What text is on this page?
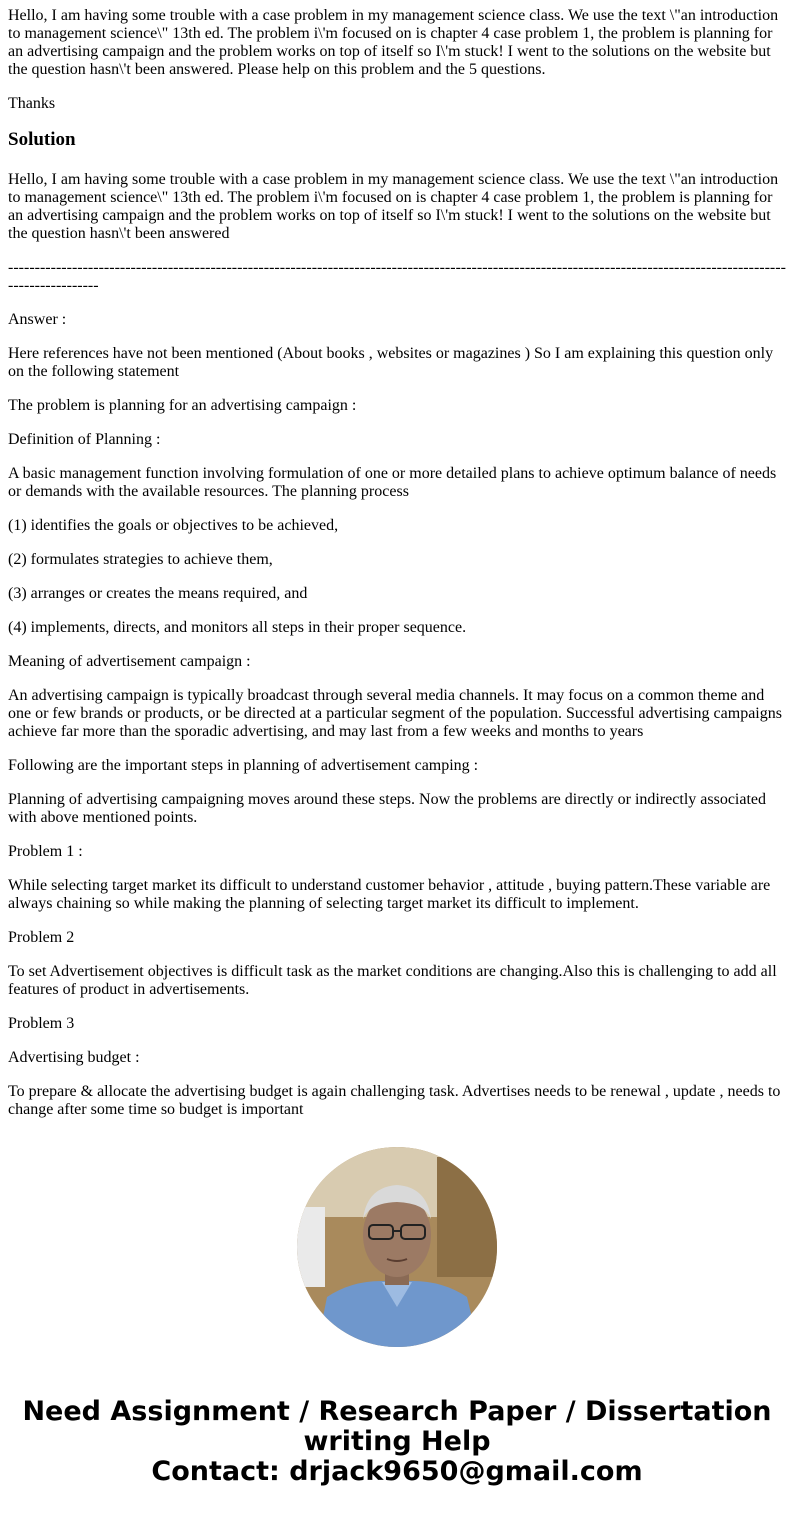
Hello, I am having some trouble with a case problem in my management science class. We use the text \"an introduction to management science\" 13th ed. The problem i\'m focused on is chapter 4 case problem 1, the problem is planning for an advertising campaign and the problem works on top of itself so I\'m stuck! I went to the solutions on the website but the question hasn\'t been answered. Please help on this problem and the 5 questions.

Thanks

Solution

Hello, I am having some trouble with a case problem in my management science class. We use the text \"an introduction to management science\" 13th ed. The problem i\'m focused on is chapter 4 case problem 1, the problem is planning for an advertising campaign and the problem works on top of itself so I\'m stuck! I went to the solutions on the website but the question hasn\'t been answered

-------------------------------------------------------------------------------------------------------------------------------------------------------------------

Answer :

Here references have not been mentioned (About books , websites or magazines ) So I am explaining this question only on the following statement

The problem is planning for an advertising campaign :

Definition of Planning :

A basic management function involving formulation of one or more detailed plans to achieve optimum balance of needs or demands with the available resources. The planning process

(1) identifies the goals or objectives to be achieved,

(2) formulates strategies to achieve them,

(3) arranges or creates the means required, and

(4) implements, directs, and monitors all steps in their proper sequence.

Meaning of advertisement campaign :

An advertising campaign is typically broadcast through several media channels. It may focus on a common theme and one or few brands or products, or be directed at a particular segment of the population. Successful advertising campaigns achieve far more than the sporadic advertising, and may last from a few weeks and months to years

Following are the important steps in planning of advertisement camping :

Planning of advertising campaigning moves around these steps. Now the problems are directly or indirectly associated with above mentioned points.

Problem 1 :

While selecting target market its difficult to understand customer behavior , attitude , buying pattern.These variable are always chaining so while making the planning of selecting target market its difficult to implement.

Problem 2

To set Advertisement objectives is difficult task as the market conditions are changing.Also this is challenging to add all features of product in advertisements.

Problem 3

Advertising budget :

To prepare & allocate the advertising budget is again challenging task. Advertises needs to be renewal , update , needs to change after some time so budget is important

Need Assignment / Research Paper / Dissertation writing Help
Contact: drjack9650@gmail.com
